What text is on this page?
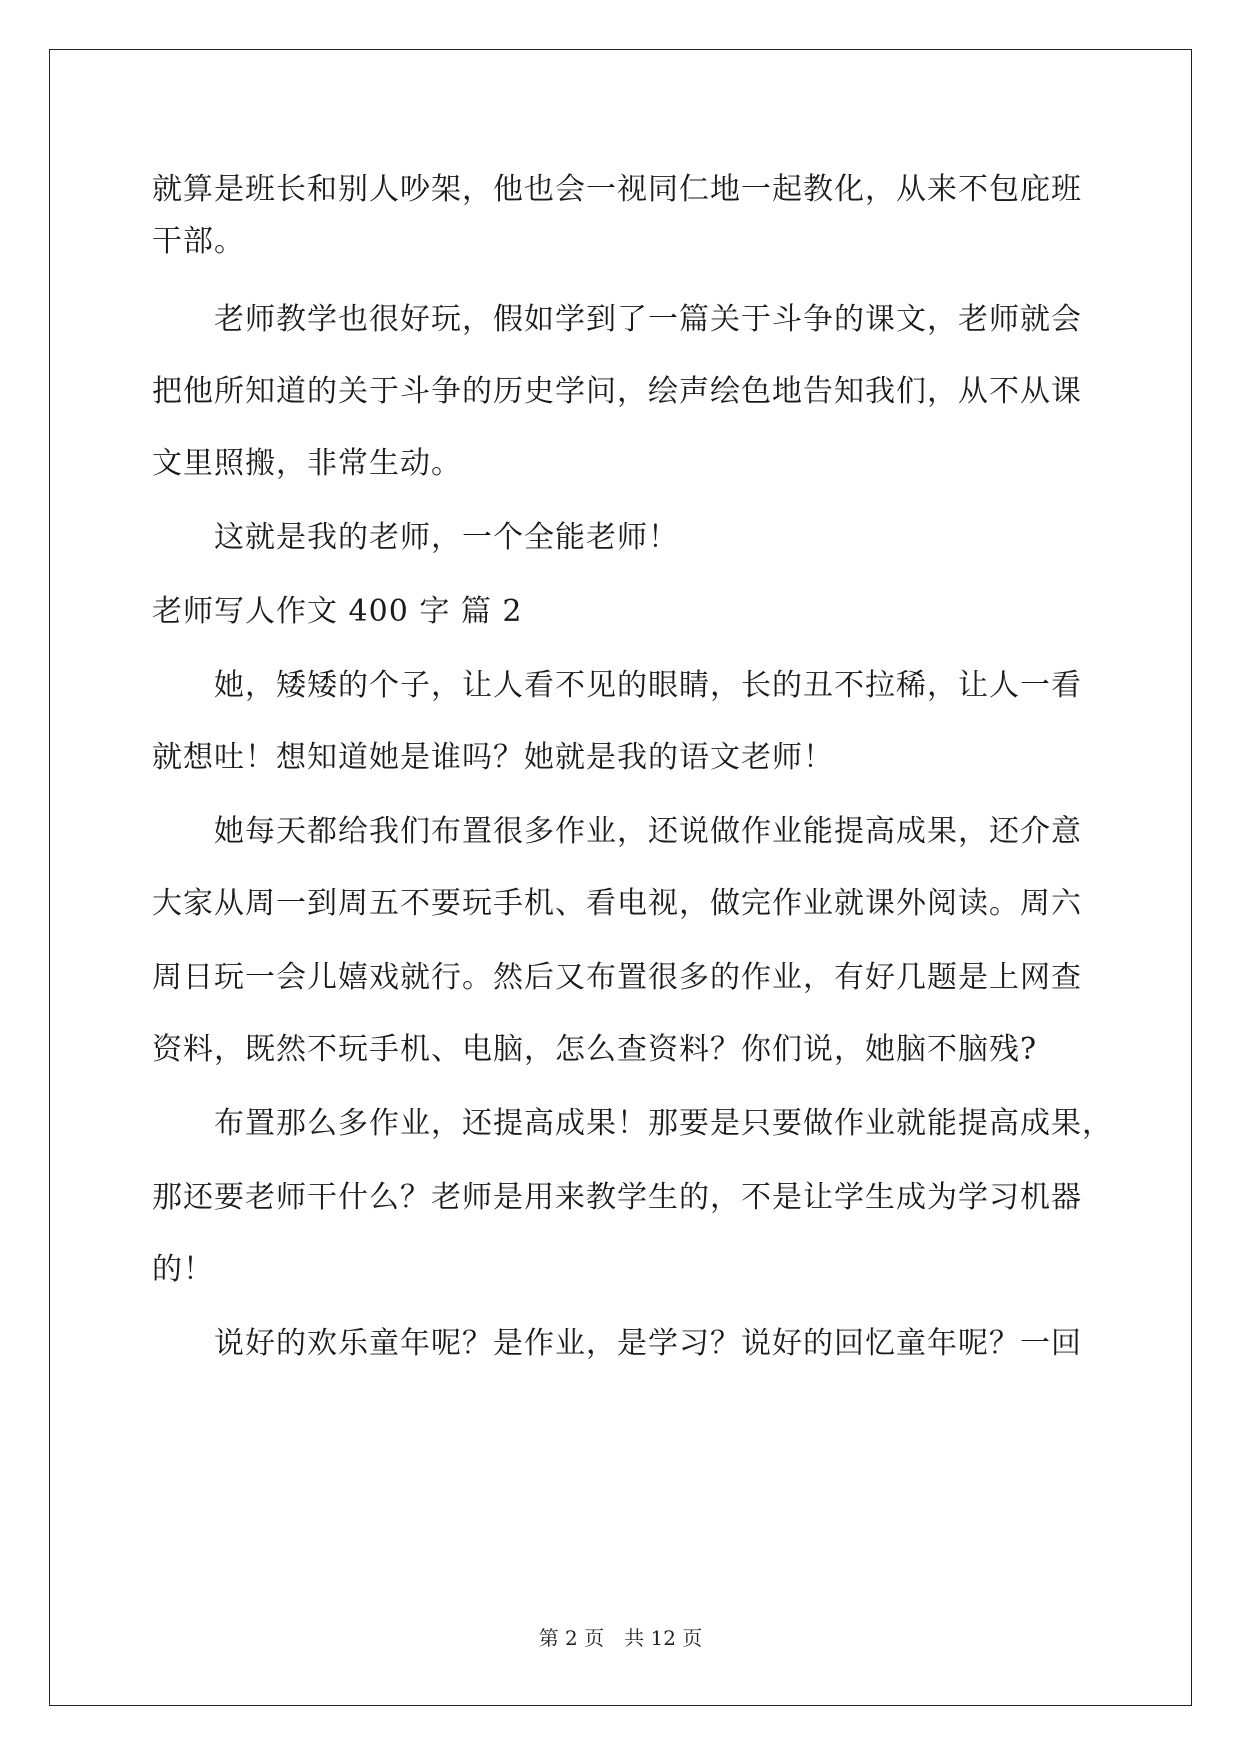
就算是班长和别人吵架，他也会一视同仁地一起教化，从来不包庇班
干部。
老师教学也很好玩，假如学到了一篇关于斗争的课文，老师就会
把他所知道的关于斗争的历史学问，绘声绘色地告知我们，从不从课
文里照搬，非常生动。
这就是我的老师，一个全能老师！
老师写人作文 400 字 篇 2
她，矮矮的个子，让人看不见的眼睛，长的丑不拉稀，让人一看
就想吐！想知道她是谁吗？她就是我的语文老师！
她每天都给我们布置很多作业，还说做作业能提高成果，还介意
大家从周一到周五不要玩手机、看电视，做完作业就课外阅读。周六
周日玩一会儿嬉戏就行。然后又布置很多的作业，有好几题是上网查
资料，既然不玩手机、电脑，怎么查资料？你们说，她脑不脑残?
布置那么多作业，还提高成果！那要是只要做作业就能提高成果，
那还要老师干什么？老师是用来教学生的，不是让学生成为学习机器
的！
说好的欢乐童年呢？是作业，是学习？说好的回忆童年呢？一回
第 2 页 共 12 页
